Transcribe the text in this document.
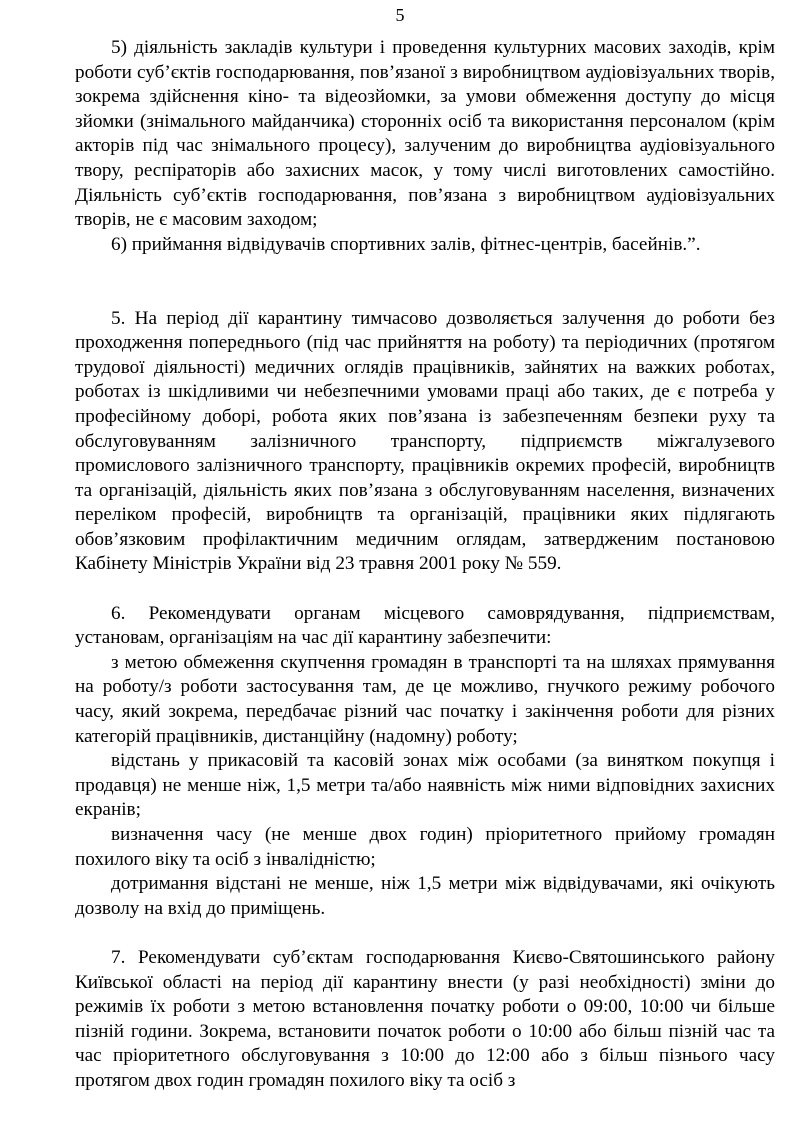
5

5) діяльність закладів культури і проведення культурних масових заходів, крім роботи суб’єктів господарювання, пов’язаної з виробництвом аудіовізуальних творів, зокрема здійснення кіно- та відеозйомки, за умови обмеження доступу до місця зйомки (знімального майданчика) сторонніх осіб та використання персоналом (крім акторів під час знімального процесу), залученим до виробництва аудіовізуального твору, респіраторів або захисних масок, у тому числі виготовлених самостійно. Діяльність суб’єктів господарювання, пов’язана з виробництвом аудіовізуальних творів, не є масовим заходом;

6) приймання відвідувачів спортивних залів, фітнес-центрів, басейнів.”.

5. На період дії карантину тимчасово дозволяється залучення до роботи без проходження попереднього (під час прийняття на роботу) та періодичних (протягом трудової діяльності) медичних оглядів працівників, зайнятих на важких роботах, роботах із шкідливими чи небезпечними умовами праці або таких, де є потреба у професійному доборі, робота яких пов’язана із забезпеченням безпеки руху та обслуговуванням залізничного транспорту, підприємств міжгалузевого промислового залізничного транспорту, працівників окремих професій, виробництв та організацій, діяльність яких пов’язана з обслуговуванням населення, визначених переліком професій, виробництв та організацій, працівники яких підлягають обов’язковим профілактичним медичним оглядам, затвердженим постановою Кабінету Міністрів України від 23 травня 2001 року № 559.

6. Рекомендувати органам місцевого самоврядування, підприємствам, установам, організаціям на час дії карантину забезпечити:

з метою обмеження скупчення громадян в транспорті та на шляхах прямування на роботу/з роботи застосування там, де це можливо, гнучкого режиму робочого часу, який зокрема, передбачає різний час початку і закінчення роботи для різних категорій працівників, дистанційну (надомну) роботу;

відстань у прикасовій та касовій зонах між особами (за винятком покупця і продавця) не менше ніж, 1,5 метри та/або наявність між ними відповідних захисних екранів;

визначення часу (не менше двох годин) пріоритетного прийому громадян похилого віку та осіб з інвалідністю;

дотримання відстані не менше, ніж 1,5 метри між відвідувачами, які очікують дозволу на вхід до приміщень.

7. Рекомендувати суб’єктам господарювання Києво-Святошинського району Київської області на період дії карантину внести (у разі необхідності) зміни до режимів їх роботи з метою встановлення початку роботи о 09:00, 10:00 чи більше пізній години. Зокрема, встановити початок роботи о 10:00 або більш пізній час та час пріоритетного обслуговування з 10:00 до 12:00 або з більш пізнього часу протягом двох годин громадян похилого віку та осіб з
